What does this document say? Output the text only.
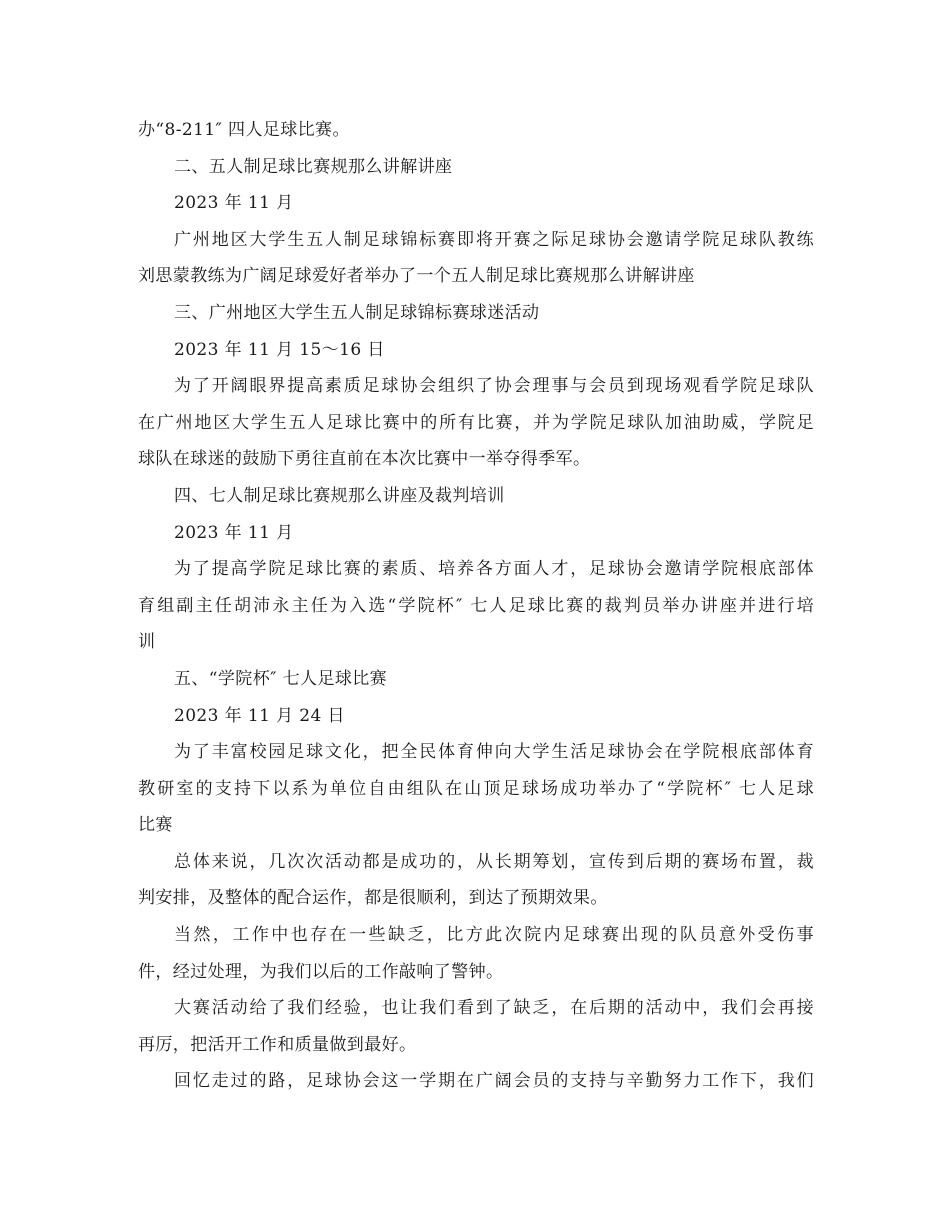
办“8-211″ 四人足球比赛。
二、五人制足球比赛规那么讲解讲座
2023 年 11 月
广州地区大学生五人制足球锦标赛即将开赛之际足球协会邀请学院足球队教练
刘思蒙教练为广阔足球爱好者举办了一个五人制足球比赛规那么讲解讲座
三、广州地区大学生五人制足球锦标赛球迷活动
2023 年 11 月 15～16 日
为了开阔眼界提高素质足球协会组织了协会理事与会员到现场观看学院足球队
在广州地区大学生五人足球比赛中的所有比赛，并为学院足球队加油助威，学院足
球队在球迷的鼓励下勇往直前在本次比赛中一举夺得季军。
四、七人制足球比赛规那么讲座及裁判培训
2023 年 11 月
为了提高学院足球比赛的素质、培养各方面人才，足球协会邀请学院根底部体
育组副主任胡沛永主任为入选“学院杯″ 七人足球比赛的裁判员举办讲座并进行培
训
五、“学院杯″ 七人足球比赛
2023 年 11 月 24 日
为了丰富校园足球文化，把全民体育伸向大学生活足球协会在学院根底部体育
教研室的支持下以系为单位自由组队在山顶足球场成功举办了“学院杯″ 七人足球
比赛
总体来说，几次次活动都是成功的，从长期筹划，宣传到后期的赛场布置，裁
判安排，及整体的配合运作，都是很顺利，到达了预期效果。
当然，工作中也存在一些缺乏，比方此次院内足球赛出现的队员意外受伤事
件，经过处理，为我们以后的工作敲响了警钟。
大赛活动给了我们经验，也让我们看到了缺乏，在后期的活动中，我们会再接
再厉，把活开工作和质量做到最好。
回忆走过的路，足球协会这一学期在广阔会员的支持与辛勤努力工作下，我们
